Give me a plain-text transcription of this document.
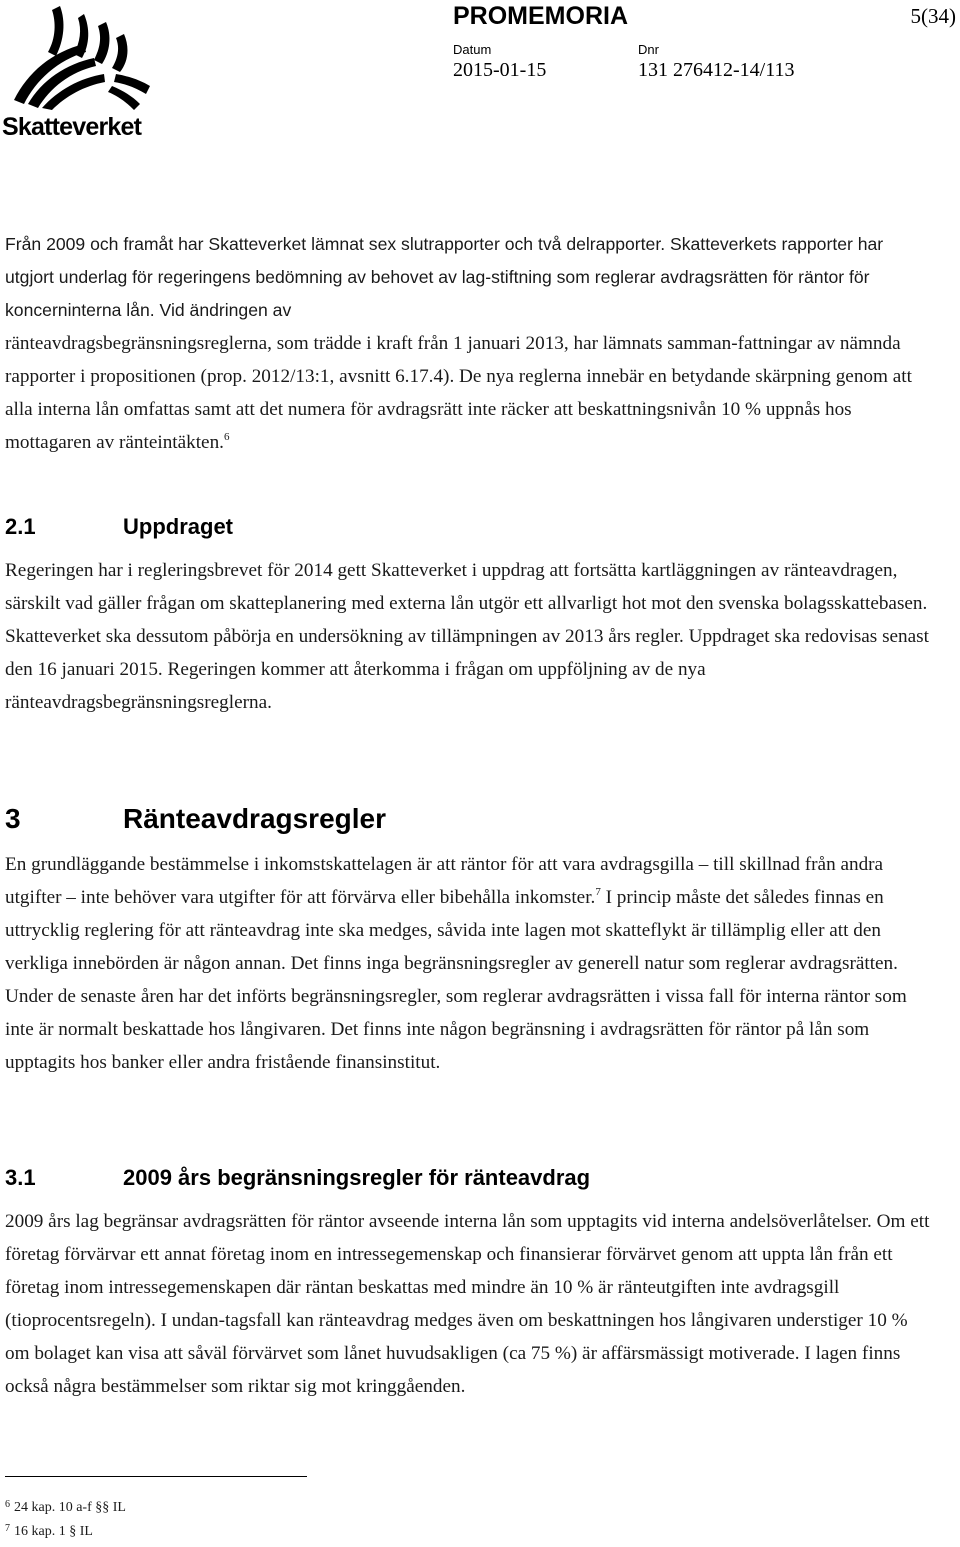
Skatteverket
PROMEMORIA	5(34)
Datum
2015-01-15
Dnr
131 276412-14/113

Från 2009 och framåt har Skatteverket lämnat sex slutrapporter och två delrapporter. Skatteverkets rapporter har utgjort underlag för regeringens bedömning av behovet av lag-stiftning som reglerar avdragsrätten för räntor för koncerninterna lån. Vid ändringen av

ränteavdragsbegränsningsreglerna, som trädde i kraft från 1 januari 2013, har lämnats samman-fattningar av nämnda rapporter i propositionen (prop. 2012/13:1, avsnitt 6.17.4). De nya reglerna innebär en betydande skärpning genom att alla interna lån omfattas samt att det numera för avdragsrätt inte räcker att beskattningsnivån 10 % uppnås hos mottagaren av ränteintäkten.$^6$

2.1	Uppdraget

Regeringen har i regleringsbrevet för 2014 gett Skatteverket i uppdrag att fortsätta kartläggningen av ränteavdragen, särskilt vad gäller frågan om skatteplanering med externa lån utgör ett allvarligt hot mot den svenska bolagsskattebasen. Skatteverket ska dessutom påbörja en undersökning av tillämpningen av 2013 års regler. Uppdraget ska redovisas senast den 16 januari 2015. Regeringen kommer att återkomma i frågan om uppföljning av de nya ränteavdragsbegränsningsreglerna.

3	Ränteavdragsregler

En grundläggande bestämmelse i inkomstskattelagen är att räntor för att vara avdragsgilla – till skillnad från andra utgifter – inte behöver vara utgifter för att förvärva eller bibehålla inkomster.$^7$ I princip måste det således finnas en uttrycklig reglering för att ränteavdrag inte ska medges, såvida inte lagen mot skatteflykt är tillämplig eller att den verkliga innebörden är någon annan. Det finns inga begränsningsregler av generell natur som reglerar avdragsrätten. Under de senaste åren har det införts begränsningsregler, som reglerar avdragsrätten i vissa fall för interna räntor som inte är normalt beskattade hos långivaren. Det finns inte någon begränsning i avdragsrätten för räntor på lån som upptagits hos banker eller andra fristående finansinstitut.

3.1	2009 års begränsningsregler för ränteavdrag

2009 års lag begränsar avdragsrätten för räntor avseende interna lån som upptagits vid interna andelsöverlåtelser. Om ett företag förvärvar ett annat företag inom en intressegemenskap och finansierar förvärvet genom att uppta lån från ett företag inom intressegemenskapen där räntan beskattas med mindre än 10 % är ränteutgiften inte avdragsgill (tioprocentsregeln). I undan-tagsfall kan ränteavdrag medges även om beskattningen hos långivaren understiger 10 % om bolaget kan visa att såväl förvärvet som lånet huvudsakligen (ca 75 %) är affärsmässigt motiverade. I lagen finns också några bestämmelser som riktar sig mot kringgåenden.

$^6$ 24 kap. 10 a-f §§ IL
$^7$ 16 kap. 1 § IL
